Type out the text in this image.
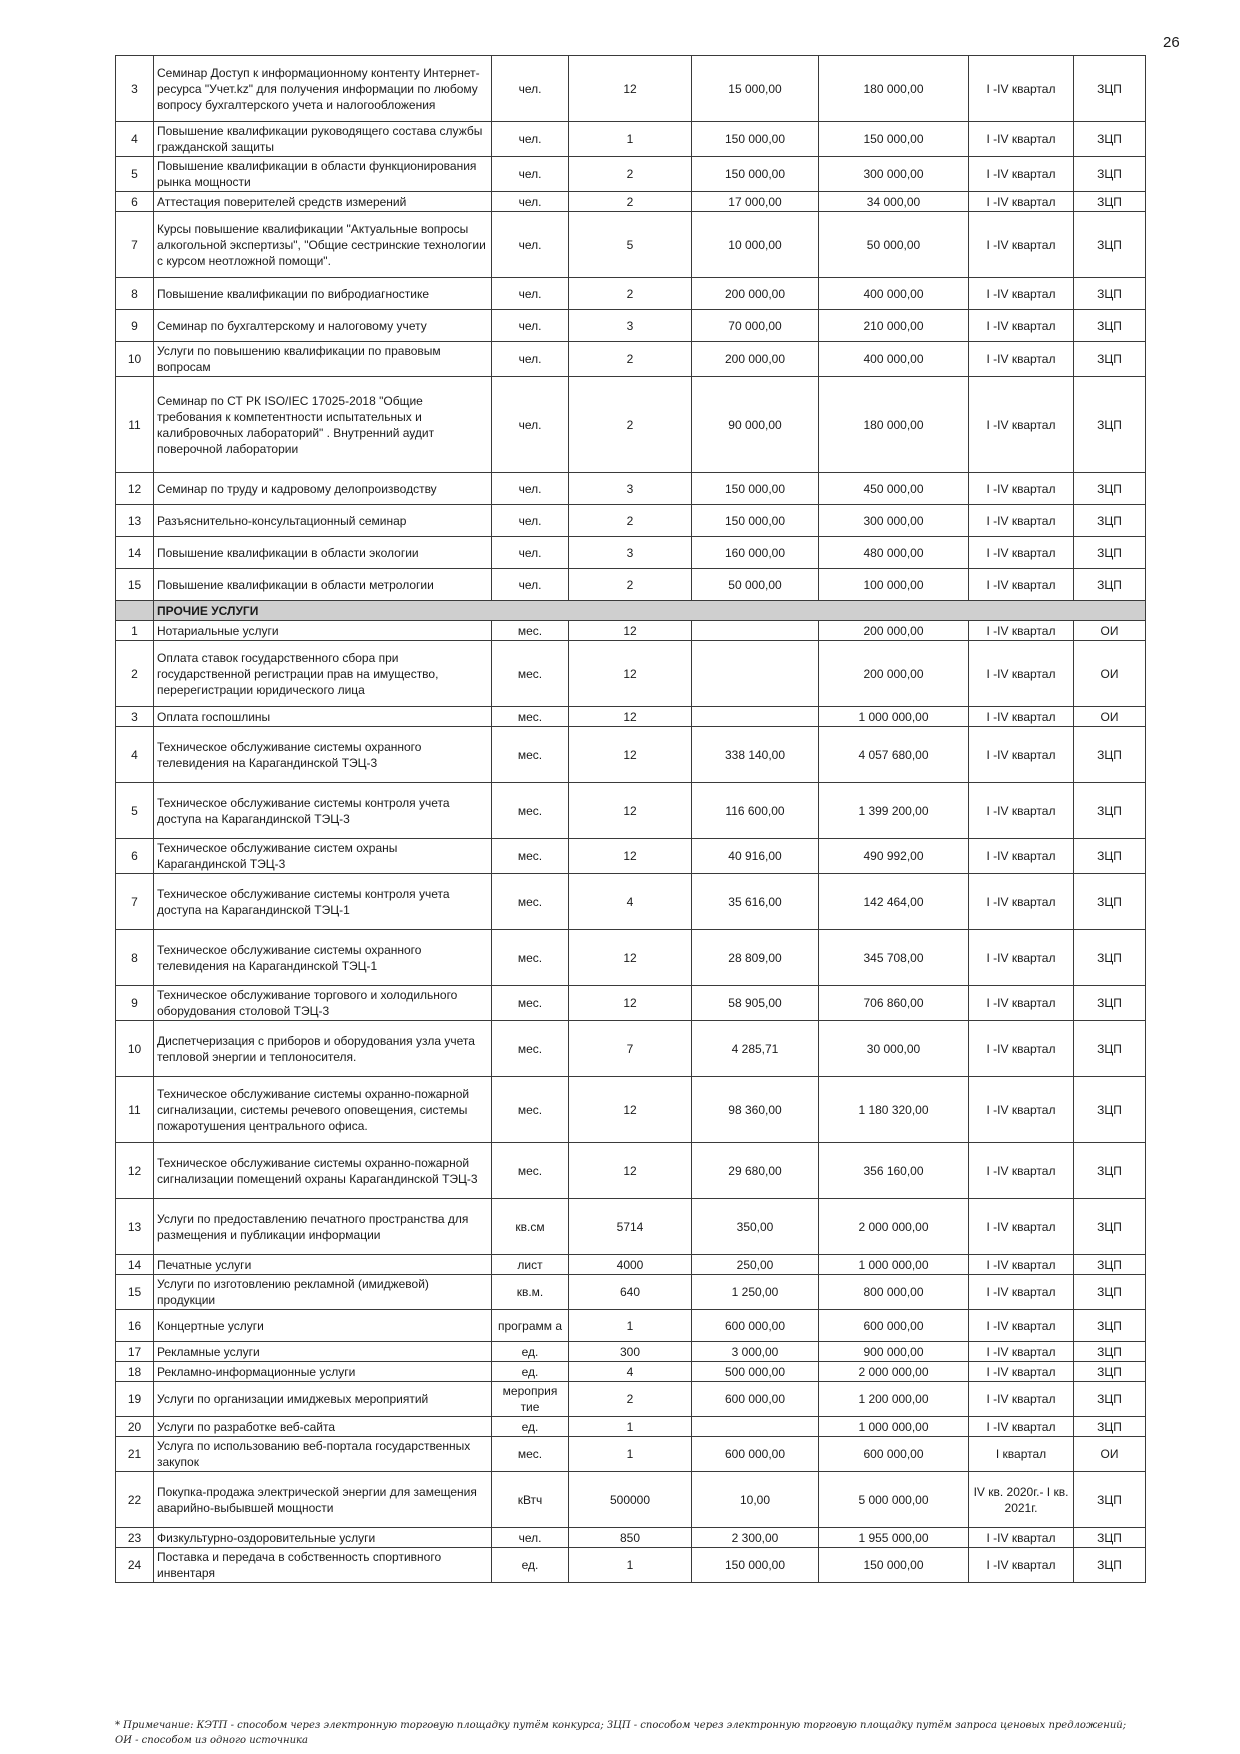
26
3	Семинар Доступ к информационному контенту Интернет-ресурса "Учет.kz" для получения информации по любому вопросу бухгалтерского учета и налогообложения	чел.	12	15 000,00	180 000,00	I -IV квартал	ЗЦП
4	Повышение квалификации руководящего состава службы гражданской защиты	чел.	1	150 000,00	150 000,00	I -IV квартал	ЗЦП
5	Повышение квалификации в области функционирования рынка мощности	чел.	2	150 000,00	300 000,00	I -IV квартал	ЗЦП
6	Аттестация поверителей средств измерений	чел.	2	17 000,00	34 000,00	I -IV квартал	ЗЦП
7	Курсы повышение квалификации "Актуальные вопросы алкогольной экспертизы", "Общие сестринские технологии с курсом неотложной помощи".	чел.	5	10 000,00	50 000,00	I -IV квартал	ЗЦП
8	Повышение квалификации по вибродиагностике	чел.	2	200 000,00	400 000,00	I -IV квартал	ЗЦП
9	Семинар по бухгалтерскому и налоговому учету	чел.	3	70 000,00	210 000,00	I -IV квартал	ЗЦП
10	Услуги по повышению квалификации по правовым вопросам	чел.	2	200 000,00	400 000,00	I -IV квартал	ЗЦП
11	Семинар по СТ РК ISO/IEC 17025-2018 "Общие требования к компетентности испытательных и калибровочных лабораторий" . Внутренний аудит поверочной лаборатории	чел.	2	90 000,00	180 000,00	I -IV квартал	ЗЦП
12	Семинар по труду и кадровому делопроизводству	чел.	3	150 000,00	450 000,00	I -IV квартал	ЗЦП
13	Разъяснительно-консультационный семинар	чел.	2	150 000,00	300 000,00	I -IV квартал	ЗЦП
14	Повышение квалификации в области экологии	чел.	3	160 000,00	480 000,00	I -IV квартал	ЗЦП
15	Повышение квалификации в области метрологии	чел.	2	50 000,00	100 000,00	I -IV квартал	ЗЦП
	ПРОЧИЕ УСЛУГИ						
1	Нотариальные услуги	мес.	12		200 000,00	I -IV квартал	ОИ
2	Оплата ставок государственного сбора при государственной регистрации прав на имущество, перерегистрации юридического лица	мес.	12		200 000,00	I -IV квартал	ОИ
3	Оплата госпошлины	мес.	12		1 000 000,00	I -IV квартал	ОИ
4	Техническое обслуживание системы охранного телевидения на Карагандинской ТЭЦ-3	мес.	12	338 140,00	4 057 680,00	I -IV квартал	ЗЦП
5	Техническое обслуживание системы контроля учета доступа на Карагандинской ТЭЦ-3	мес.	12	116 600,00	1 399 200,00	I -IV квартал	ЗЦП
6	Техническое обслуживание систем охраны Карагандинской ТЭЦ-3	мес.	12	40 916,00	490 992,00	I -IV квартал	ЗЦП
7	Техническое обслуживание системы контроля учета доступа на Карагандинской ТЭЦ-1	мес.	4	35 616,00	142 464,00	I -IV квартал	ЗЦП
8	Техническое обслуживание системы охранного телевидения на Карагандинской ТЭЦ-1	мес.	12	28 809,00	345 708,00	I -IV квартал	ЗЦП
9	Техническое обслуживание торгового и холодильного оборудования столовой ТЭЦ-3	мес.	12	58 905,00	706 860,00	I -IV квартал	ЗЦП
10	Диспетчеризация с приборов и оборудования узла учета тепловой энергии и теплоносителя.	мес.	7	4 285,71	30 000,00	I -IV квартал	ЗЦП
11	Техническое обслуживание системы охранно-пожарной сигнализации, системы речевого оповещения, системы пожаротушения центрального офиса.	мес.	12	98 360,00	1 180 320,00	I -IV квартал	ЗЦП
12	Техническое обслуживание системы охранно-пожарной сигнализации помещений охраны Карагандинской ТЭЦ-3	мес.	12	29 680,00	356 160,00	I -IV квартал	ЗЦП
13	Услуги по предоставлению печатного пространства для размещения и публикации информации	кв.см	5714	350,00	2 000 000,00	I -IV квартал	ЗЦП
14	Печатные услуги	лист	4000	250,00	1 000 000,00	I -IV квартал	ЗЦП
15	Услуги по изготовлению рекламной (имиджевой) продукции	кв.м.	640	1 250,00	800 000,00	I -IV квартал	ЗЦП
16	Концертные услуги	программ а	1	600 000,00	600 000,00	I -IV квартал	ЗЦП
17	Рекламные услуги	ед.	300	3 000,00	900 000,00	I -IV квартал	ЗЦП
18	Рекламно-информационные услуги	ед.	4	500 000,00	2 000 000,00	I -IV квартал	ЗЦП
19	Услуги по организации имиджевых мероприятий	мероприя тие	2	600 000,00	1 200 000,00	I -IV квартал	ЗЦП
20	Услуги по разработке веб-сайта	ед.	1		1 000 000,00	I -IV квартал	ЗЦП
21	Услуга по использованию веб-портала государственных закупок	мес.	1	600 000,00	600 000,00	I квартал	ОИ
22	Покупка-продажа электрической энергии для замещения аварийно-выбывшей мощности	кВтч	500000	10,00	5 000 000,00	IV кв. 2020г.- I кв. 2021г.	ЗЦП
23	Физкультурно-оздоровительные услуги	чел.	850	2 300,00	1 955 000,00	I -IV квартал	ЗЦП
24	Поставка и передача в собственность спортивного инвентаря	ед.	1	150 000,00	150 000,00	I -IV квартал	ЗЦП
* Примечание: КЭТП - способом через электронную торговую площадку путём конкурса; ЗЦП - способом через электронную торговую площадку путём запроса ценовых предложений; ОИ - способом из одного источника
